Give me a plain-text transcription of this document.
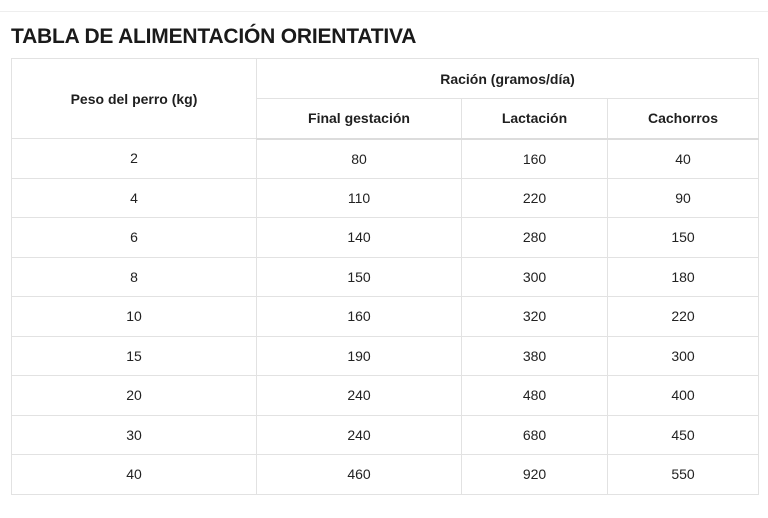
TABLA DE ALIMENTACIÓN ORIENTATIVA
Peso del perro (kg)	Ración (gramos/día)		
	Final gestación	Lactación	Cachorros
2	80	160	40
4	110	220	90
6	140	280	150
8	150	300	180
10	160	320	220
15	190	380	300
20	240	480	400
30	240	680	450
40	460	920	550
